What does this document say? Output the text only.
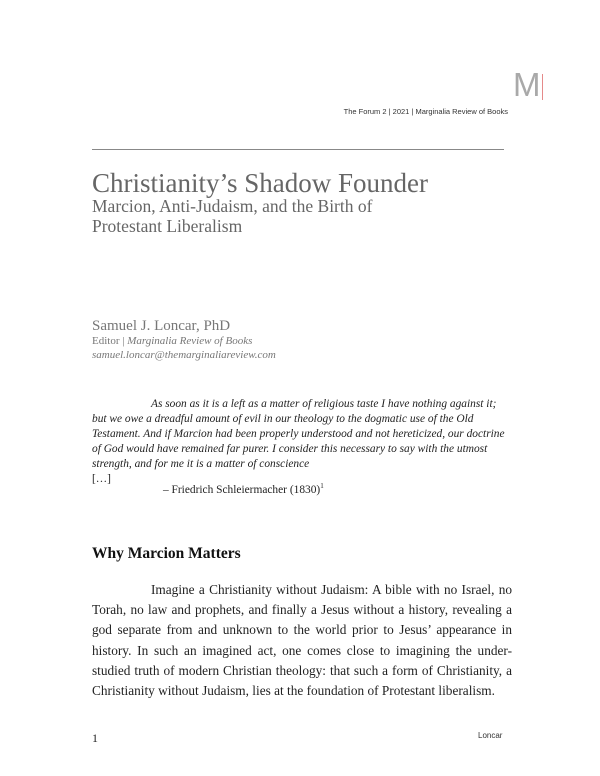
M
The Forum 2 | 2021 | Marginalia Review of Books
Christianity’s Shadow Founder
Marcion, Anti-Judaism, and the Birth of Protestant Liberalism
Samuel J. Loncar, PhD
Editor | Marginalia Review of Books
samuel.loncar@themarginaliareview.com
As soon as it is a left as a matter of religious taste I have nothing against it; but we owe a dreadful amount of evil in our theology to the dogmatic use of the Old Testament. And if Marcion had been properly understood and not hereticized, our doctrine of God would have remained far purer. I consider this necessary to say with the utmost strength, and for me it is a matter of conscience
[…]
– Friedrich Schleiermacher $(1830)^1$
Why Marcion Matters
Imagine a Christianity without Judaism: A bible with no Israel, no Torah, no law and prophets, and finally a Jesus without a history, revealing a god separate from and unknown to the world prior to Jesus’ appearance in history. In such an imagined act, one comes close to imagining the under-studied truth of modern Christian theology: that such a form of Christianity, a Christianity without Judaism, lies at the foundation of Protestant liberalism.
1	Loncar
